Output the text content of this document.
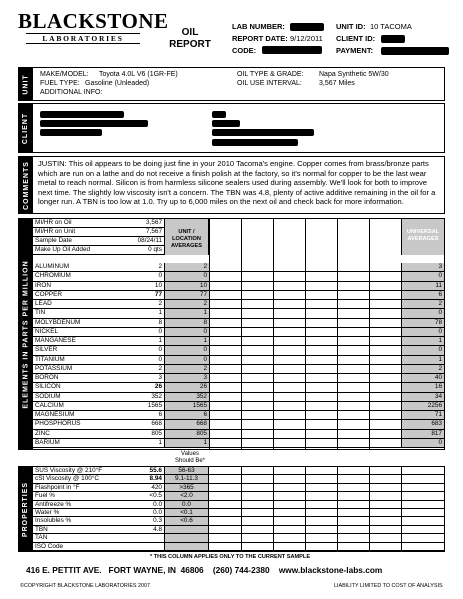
BLACKSTONE
LABORATORIES
OIL
REPORT
LAB NUMBER:
REPORT DATE: 9/12/2011
CODE:
UNIT ID: 10 TACOMA
CLIENT ID:
PAYMENT:
UNIT MAKE/MODEL: Toyota 4.0L V6 (1GR-FE)
FUEL TYPE: Gasoline (Unleaded)
ADDITIONAL INFO:
OIL TYPE & GRADE: Napa Synthetic 5W/30
OIL USE INTERVAL: 3,567 Miles
CLIENT
COMMENTS JUSTIN: This oil appears to be doing just fine in your 2010 Tacoma's engine. Copper comes from brass/bronze parts which are run on a lathe and do not receive a finish polish at the factory, so it's normal for copper to be the last wear metal to reach normal. Silicon is from harmless silicone sealers used during assembly. We'll look for both to improve next time. The slightly low viscosity isn't a concern. The TBN was 4.8, plenty of active additive remaining in the oil for a longer run. A TBN is too low at 1.0. Try up to 6,000 miles on the next oil and check back for more information.
ELEMENTS IN PARTS PER MILLION
MI/HR on Oil	3,567
MI/HR on Unit	7,567
Sample Date	08/24/11
Make Up Oil Added	0 qts
UNIT / LOCATION AVERAGES
UNIVERSAL AVERAGES
ALUMINUM	2	2	3
CHROMIUM	0	0	0
IRON	10	10	11
COPPER	77	77	6
LEAD	2	2	2
TIN	1	1	0
MOLYBDENUM	8	8	78
NICKEL	0	0	0
MANGANESE	1	1	1
SILVER	0	0	0
TITANIUM	0	0	1
POTASSIUM	2	2	2
BORON	3	3	40
SILICON	26	26	16
SODIUM	352	352	34
CALCIUM	1565	1565	2256
MAGNESIUM	6	6	71
PHOSPHORUS	668	668	683
ZINC	805	805	817
BARIUM	1	1	0
Values
Should Be*
PROPERTIES
SUS Viscosity @ 210°F	55.6	56-63
cSt Viscosity @ 100°C	8.94	9.1-11.3
Flashpoint in °F	420	>365
Fuel %	<0.5	<2.0
Antifreeze %	0.0	0.0
Water %	0.0	<0.1
Insolubles %	0.3	<0.6
TBN	4.8
TAN
ISO Code
* THIS COLUMN APPLIES ONLY TO THE CURRENT SAMPLE
416 E. PETTIT AVE.   FORT WAYNE, IN  46806    (260) 744-2380    www.blackstone-labs.com
©COPYRIGHT BLACKSTONE LABORATORIES 2007	LIABILITY LIMITED TO COST OF ANALYSIS
